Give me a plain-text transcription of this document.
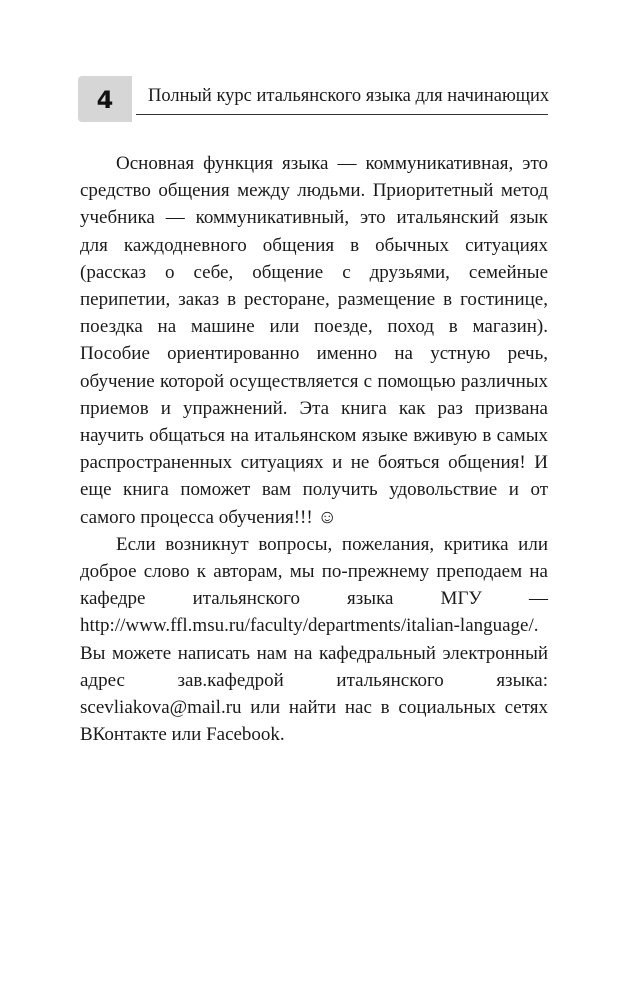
4	Полный курс итальянского языка для начинающих

Основная функция языка — коммуникативная, это средство общения между людьми. Приоритетный метод учебника — коммуникативный, это итальянский язык для каждодневного общения в обычных ситуациях (рассказ о себе, общение с друзьями, семейные перипетии, заказ в ресторане, размещение в гостинице, поездка на машине или поезде, поход в магазин). Пособие ориентированно именно на устную речь, обучение которой осуществляется с помощью различных приемов и упражнений. Эта книга как раз призвана научить общаться на итальянском языке вживую в самых распространенных ситуациях и не бояться общения! И еще книга поможет вам получить удовольствие и от самого процесса обучения!!! ☺

Если возникнут вопросы, пожелания, критика или доброе слово к авторам, мы по-прежнему преподаем на кафедре итальянского языка МГУ — http://www.ffl.msu.ru/faculty/departments/italian-language/. Вы можете написать нам на кафедральный электронный адрес зав.кафедрой итальянского языка: scevliakova@mail.ru или найти нас в социальных сетях ВКонтакте или Facebook.
